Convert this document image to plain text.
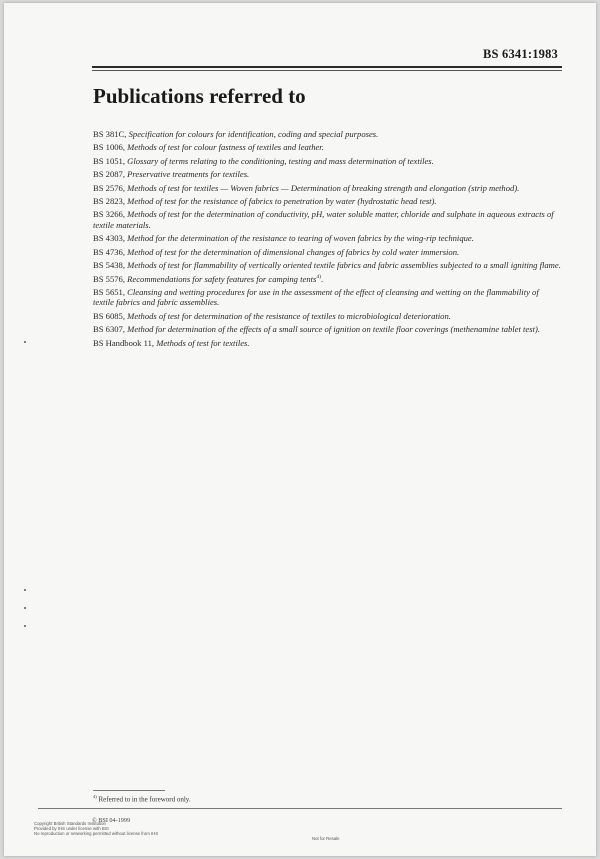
BS 6341:1983
Publications referred to
BS 381C, Specification for colours for identification, coding and special purposes.
BS 1006, Methods of test for colour fastness of textiles and leather.
BS 1051, Glossary of terms relating to the conditioning, testing and mass determination of textiles.
BS 2087, Preservative treatments for textiles.
BS 2576, Methods of test for textiles — Woven fabrics — Determination of breaking strength and elongation (strip method).
BS 2823, Method of test for the resistance of fabrics to penetration by water (hydrostatic head test).
BS 3266, Methods of test for the determination of conductivity, pH, water soluble matter, chloride and sulphate in aqueous extracts of textile materials.
BS 4303, Method for the determination of the resistance to tearing of woven fabrics by the wing-rip technique.
BS 4736, Method of test for the determination of dimensional changes of fabrics by cold water immersion.
BS 5438, Methods of test for flammability of vertically oriented textile fabrics and fabric assemblies subjected to a small igniting flame.
BS 5576, Recommendations for safety features for camping tents$^{4)}$.
BS 5651, Cleansing and wetting procedures for use in the assessment of the effect of cleansing and wetting on the flammability of textile fabrics and fabric assemblies.
BS 6085, Methods of test for determination of the resistance of textiles to microbiological deterioration.
BS 6307, Method for determination of the effects of a small source of ignition on textile floor coverings (methenamine tablet test).
BS Handbook 11, Methods of test for textiles.
$^{4)}$ Referred to in the foreword only.
© BSI 04-1999
Copyright British Standards Institution
Provided by IHS under license with BSI
No reproduction or networking permitted without license from IHS
Not for Resale
